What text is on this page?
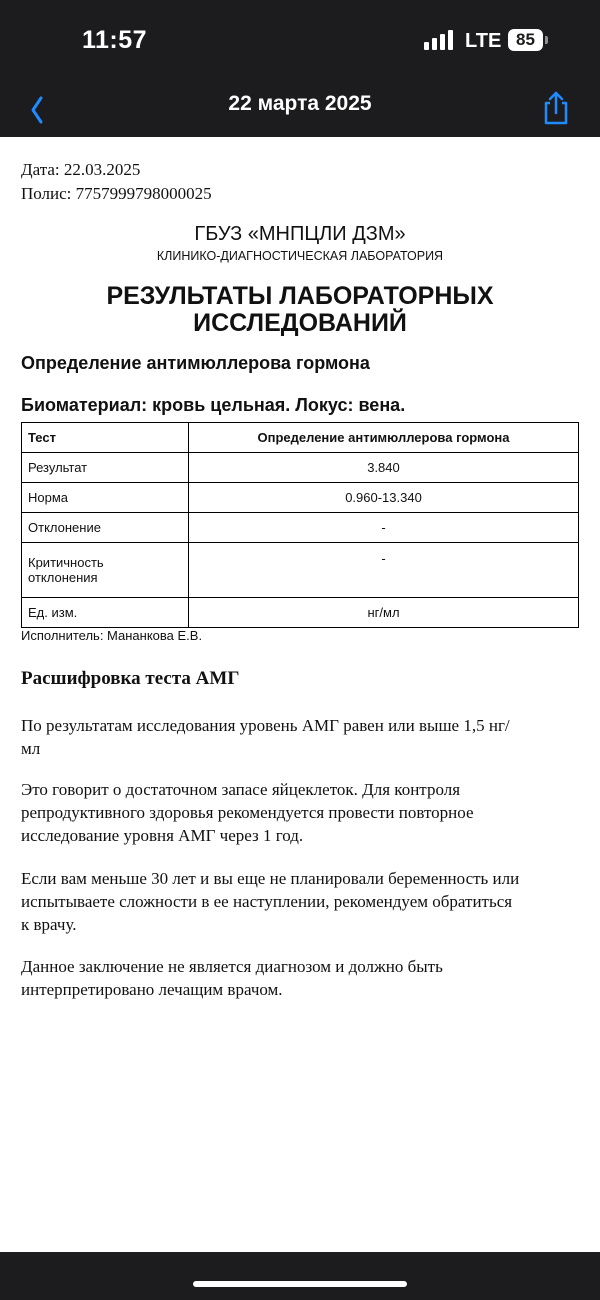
11:57	LTE 85
22 марта 2025
Дата: 22.03.2025
Полис: 7757999798000025
ГБУЗ «МНПЦЛИ ДЗМ»
КЛИНИКО-ДИАГНОСТИЧЕСКАЯ ЛАБОРАТОРИЯ
РЕЗУЛЬТАТЫ ЛАБОРАТОРНЫХ
ИССЛЕДОВАНИЙ
Определение антимюллерова гормона
Биоматериал: кровь цельная. Локус: вена.
Тест	Определение антимюллерова гормона
Результат	3.840
Норма	0.960-13.340
Отклонение	-

Критичность
отклонения	-
Ед. изм.	нг/мл
Исполнитель: Мананкова Е.В.
Расшифровка теста АМГ
По результатам исследования уровень АМГ равен или выше 1,5 нг/
мл
Это говорит о достаточном запасе яйцеклеток. Для контроля
репродуктивного здоровья рекомендуется провести повторное
исследование уровня АМГ через 1 год.
Если вам меньше 30 лет и вы еще не планировали беременность или
испытываете сложности в ее наступлении, рекомендуем обратиться
к врачу.
Данное заключение не является диагнозом и должно быть
интерпретировано лечащим врачом.
